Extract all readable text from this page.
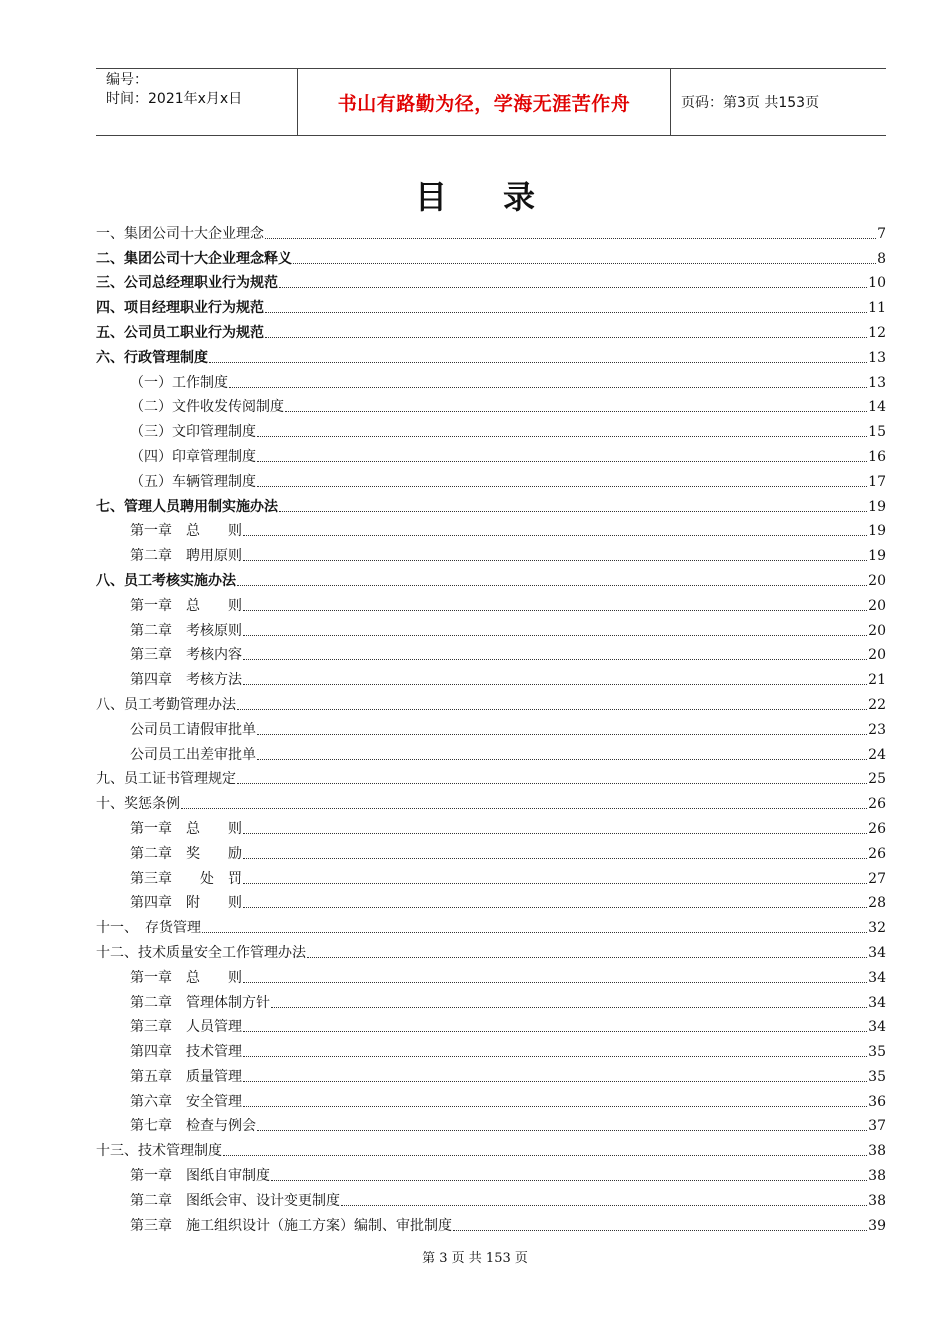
编号：
时间：2021年x月x日	书山有路勤为径，学海无涯苦作舟	页码：第3页 共153页
目录
一、集团公司十大企业理念	7
二、集团公司十大企业理念释义	8
三、公司总经理职业行为规范	10
四、项目经理职业行为规范	11
五、公司员工职业行为规范	12
六、行政管理制度	13
（一）工作制度	13
（二）文件收发传阅制度	14
（三）文印管理制度	15
（四）印章管理制度	16
（五）车辆管理制度	17
七、管理人员聘用制实施办法	19
第一章　总　　则	19
第二章　聘用原则	19
八、员工考核实施办法	20
第一章　总　　则	20
第二章　考核原则	20
第三章　考核内容	20
第四章　考核方法	21
八、员工考勤管理办法	22
公司员工请假审批单	23
公司员工出差审批单	24
九、员工证书管理规定	25
十、奖惩条例	26
第一章　总　　则	26
第二章　奖　　励	26
第三章　　处　罚	27
第四章　附　　则	28
十一、　存货管理	32
十二、技术质量安全工作管理办法	34
第一章　总　　则	34
第二章　管理体制方针	34
第三章　人员管理	34
第四章　技术管理	35
第五章　质量管理	35
第六章　安全管理	36
第七章　检查与例会	37
十三、技术管理制度	38
第一章　图纸自审制度	38
第二章　图纸会审、设计变更制度	38
第三章　施工组织设计（施工方案）编制、审批制度	39
第 3 页 共 153 页
